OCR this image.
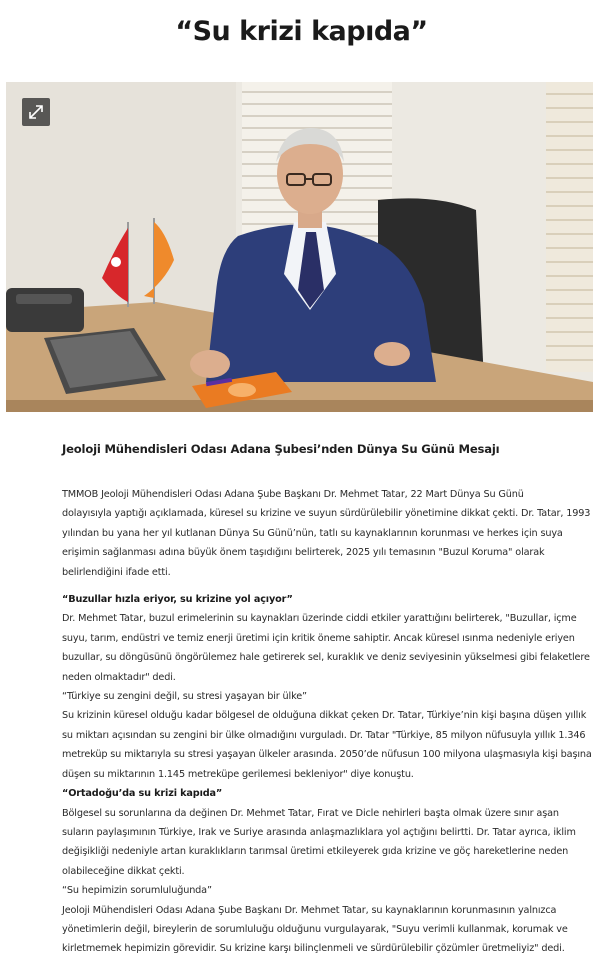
“Su krizi kapıda”
Jeoloji Mühendisleri Odası Adana Şubesi’nden Dünya Su Günü Mesajı

TMMOB Jeoloji Mühendisleri Odası Adana Şube Başkanı Dr. Mehmet Tatar, 22 Mart Dünya Su Günü

dolayısıyla yaptığı açıklamada, küresel su krizine ve suyun sürdürülebilir yönetimine dikkat çekti. Dr. Tatar, 1993

yılından bu yana her yıl kutlanan Dünya Su Günü’nün, tatlı su kaynaklarının korunması ve herkes için suya

erişimin sağlanması adına büyük önem taşıdığını belirterek, 2025 yılı temasının "Buzul Koruma" olarak

belirlendiğini ifade etti.

“Buzullar hızla eriyor, su krizine yol açıyor”

Dr. Mehmet Tatar, buzul erimelerinin su kaynakları üzerinde ciddi etkiler yarattığını belirterek, "Buzullar, içme

suyu, tarım, endüstri ve temiz enerji üretimi için kritik öneme sahiptir. Ancak küresel ısınma nedeniyle eriyen

buzullar, su döngüsünü öngörülemez hale getirerek sel, kuraklık ve deniz seviyesinin yükselmesi gibi felaketlere

neden olmaktadır" dedi.

“Türkiye su zengini değil, su stresi yaşayan bir ülke”

Su krizinin küresel olduğu kadar bölgesel de olduğuna dikkat çeken Dr. Tatar, Türkiye’nin kişi başına düşen yıllık

su miktarı açısından su zengini bir ülke olmadığını vurguladı. Dr. Tatar "Türkiye, 85 milyon nüfusuyla yıllık 1.346

metreküp su miktarıyla su stresi yaşayan ülkeler arasında. 2050’de nüfusun 100 milyona ulaşmasıyla kişi başına

düşen su miktarının 1.145 metreküpe gerilemesi bekleniyor" diye konuştu.

“Ortadoğu’da su krizi kapıda”

Bölgesel su sorunlarına da değinen Dr. Mehmet Tatar, Fırat ve Dicle nehirleri başta olmak üzere sınır aşan

suların paylaşımının Türkiye, Irak ve Suriye arasında anlaşmazlıklara yol açtığını belirtti. Dr. Tatar ayrıca, iklim

değişikliği nedeniyle artan kuraklıkların tarımsal üretimi etkileyerek gıda krizine ve göç hareketlerine neden

olabileceğine dikkat çekti.

“Su hepimizin sorumluluğunda”

Jeoloji Mühendisleri Odası Adana Şube Başkanı Dr. Mehmet Tatar, su kaynaklarının korunmasının yalnızca

yönetimlerin değil, bireylerin de sorumluluğu olduğunu vurgulayarak, "Suyu verimli kullanmak, korumak ve

kirletmemek hepimizin görevidir. Su krizine karşı bilinçlenmeli ve sürdürülebilir çözümler üretmeliyiz" dedi.
